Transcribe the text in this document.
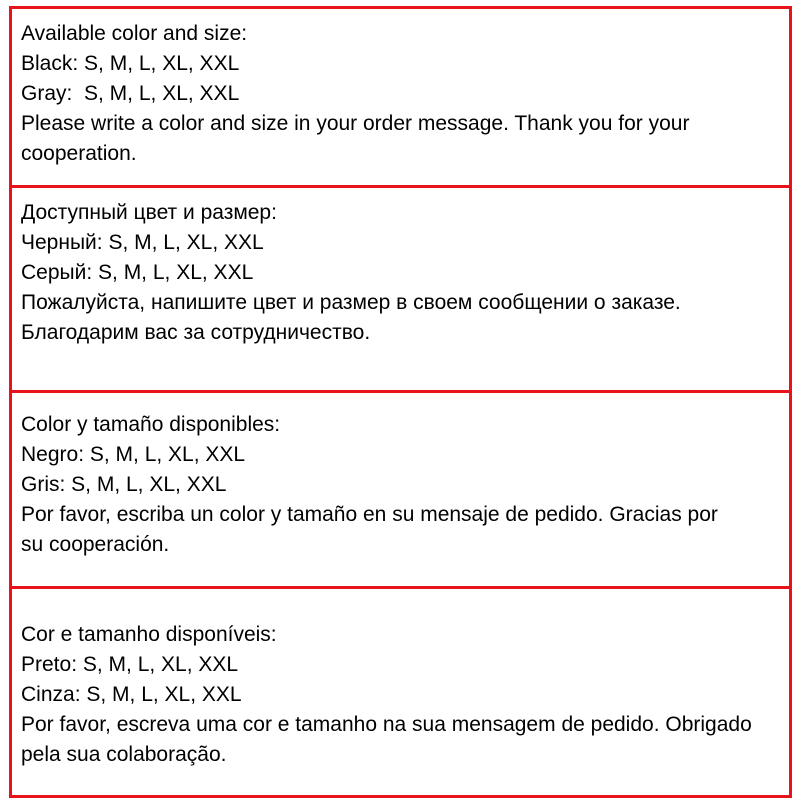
Available color and size:
Black: S, M, L, XL, XXL
Gray:  S, M, L, XL, XXL
Please write a color and size in your order message. Thank you for your cooperation.
Доступный цвет и размер:
Черный: S, M, L, XL, XXL
Серый: S, M, L, XL, XXL
Пожалуйста, напишите цвет и размер в своем сообщении о заказе. Благодарим вас за сотрудничество.
Color y tamaño disponibles:
Negro: S, M, L, XL, XXL
Gris: S, M, L, XL, XXL
Por favor, escriba un color y tamaño en su mensaje de pedido. Gracias por su cooperación.
Cor e tamanho disponíveis:
Preto: S, M, L, XL, XXL
Cinza: S, M, L, XL, XXL
Por favor, escreva uma cor e tamanho na sua mensagem de pedido. Obrigado pela sua colaboração.
